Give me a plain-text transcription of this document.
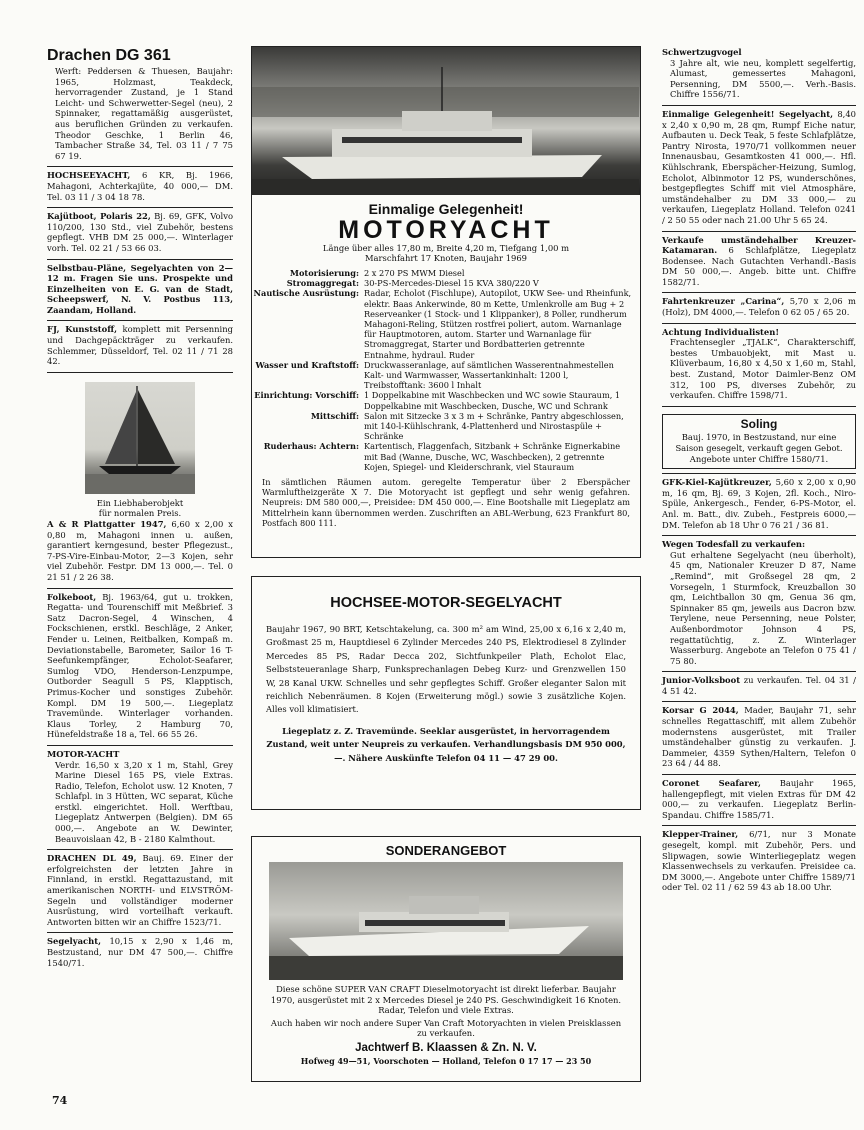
Drachen DG 361

Werft: Peddersen & Thuesen, Baujahr: 1965, Holzmast, Teakdeck, hervorragender Zustand, je 1 Stand Leicht- und Schwerwetter-Segel (neu), 2 Spinnaker, regattamäßig ausgerüstet, aus beruflichen Gründen zu verkaufen. Theodor Geschke, 1 Berlin 46, Tambacher Straße 34, Tel. 03 11 / 7 75 67 19.

HOCHSEEYACHT, 6 KR, Bj. 1966, Mahagoni, Achterkajüte, 40 000,— DM. Tel. 03 11 / 3 04 18 78.
Kajütboot, Polaris 22, Bj. 69, GFK, Volvo 110/200, 130 Std., viel Zubehör, bestens gepflegt. VHB DM 25 000,—. Winterlager vorh. Tel. 02 21 / 53 66 03.
Selbstbau-Pläne, Segelyachten von 2—12 m. Fragen Sie uns. Prospekte und Einzelheiten von E. G. van de Stadt, Scheepswerf, N. V. Postbus 113, Zaandam, Holland.
FJ, Kunststoff, komplett mit Persenning und Dachgepäckträger zu verkaufen. Schlemmer, Düsseldorf, Tel. 02 11 / 71 28 42.
Ein Liebhaberobjekt
für normalen Preis.
A & R Plattgatter 1947, 6,60 x 2,00 x 0,80 m, Mahagoni innen u. außen, garantiert kerngesund, bester Pflegezust., 7-PS-Vire-Einbau-Motor, 2—3 Kojen, sehr viel Zubehör. Festpr. DM 13 000,—. Tel. 0 21 51 / 2 26 38.
Folkeboot, Bj. 1963/64, gut u. trokken, Regatta- und Tourenschiff mit Meßbrief. 3 Satz Dacron-Segel, 4 Winschen, 4 Fockschienen, erstkl. Beschläge, 2 Anker, Fender u. Leinen, Reitbalken, Kompaß m. Deviationstabelle, Barometer, Sailor 16 T-Seefunkempfänger, Echolot-Seafarer, Sumlog VDO, Henderson-Lenzpumpe, Outborder Seagull 5 PS, Klapptisch, Primus-Kocher und sonstiges Zubehör. Kompl. DM 19 500,—. Liegeplatz Travemünde. Winterlager vorhanden. Klaus Torley, 2 Hamburg 70, Hünefeldstraße 18 a, Tel. 66 55 26.
MOTOR-YACHT

Verdr. 16,50 x 3,20 x 1 m, Stahl, Grey Marine Diesel 165 PS, viele Extras. Radio, Telefon, Echolot usw. 12 Knoten, 7 Schlafpl. in 3 Hütten, WC separat, Küche erstkl. eingerichtet. Holl. Werftbau, Liegeplatz Antwerpen (Belgien). DM 65 000,—. Angebote an W. Dewinter, Beauvoislaan 42, B - 2180 Kalmthout.

DRACHEN DL 49, Bauj. 69. Einer der erfolgreichsten der letzten Jahre in Finnland, in erstkl. Regattazustand, mit amerikanischen NORTH- und ELVSTRÖM-Segeln und vollständiger moderner Ausrüstung, wird vorteilhaft verkauft. Antworten bitten wir an Chiffre 1523/71.
Segelyacht, 10,15 x 2,90 x 1,46 m, Bestzustand, nur DM 47 500,—. Chiffre 1540/71.
Einmalige Gelegenheit!
MOTORYACHT
Länge über alles 17,80 m, Breite 4,20 m, Tiefgang 1,00 m
Marschfahrt 17 Knoten, Baujahr 1969
Motorisierung: 2 x 270 PS MWM Diesel
Stromaggregat: 30-PS-Mercedes-Diesel 15 KVA 380/220 V
Nautische Ausrüstung: Radar, Echolot (Fischlupe), Autopilot, UKW See- und Rheinfunk, elektr. Baas Ankerwinde, 80 m Kette, Umlenkrolle am Bug + 2 Reserveanker (1 Stock- und 1 Klippanker), 8 Poller, rundherum Mahagoni-Reling, Stützen rostfrei poliert, autom. Warnanlage für Hauptmotoren, autom. Starter und Warnanlage für Stromaggregat, Starter und Bordbatterien getrennte Entnahme, hydraul. Ruder
Wasser und Kraftstoff: Druckwasseranlage, auf sämtlichen Wasserentnahmestellen Kalt- und Warmwasser, Wassertankinhalt: 1200 l, Treibstofftank: 3600 l Inhalt
Einrichtung: Vorschiff: 1 Doppelkabine mit Waschbecken und WC sowie Stauraum, 1 Doppelkabine mit Waschbecken, Dusche, WC und Schrank
Mittschiff: Salon mit Sitzecke 3 x 3 m + Schränke, Pantry abgeschlossen, mit 140-l-Kühlschrank, 4-Plattenherd und Nirostaspüle + Schränke
Ruderhaus: Achtern: Kartentisch, Flaggenfach, Sitzbank + Schränke Eignerkabine mit Bad (Wanne, Dusche, WC, Waschbecken), 2 getrennte Kojen, Spiegel- und Kleiderschrank, viel Stauraum

In sämtlichen Räumen autom. geregelte Temperatur über 2 Eberspächer Warmluftheizgeräte X 7. Die Motoryacht ist gepflegt und sehr wenig gefahren. Neupreis: DM 580 000,—, Preisidee: DM 450 000,—. Eine Bootshalle mit Liegeplatz am Mittelrhein kann übernommen werden. Zuschriften an ABL-Werbung, 623 Frankfurt 80, Postfach 800 111.

HOCHSEE-MOTOR-SEGELYACHT

Baujahr 1967, 90 BRT, Ketschtakelung, ca. 300 m² am Wind, 25,00 x 6,16 x 2,40 m, Großmast 25 m, Hauptdiesel 6 Zylinder Mercedes 240 PS, Elektrodiesel 8 Zylinder Mercedes 85 PS, Radar Decca 202, Sichtfunkpeiler Plath, Echolot Elac, Selbststeueranlage Sharp, Funksprechanlagen Debeg Kurz- und Grenzwellen 150 W, 28 Kanal UKW. Schnelles und sehr gepflegtes Schiff. Großer eleganter Salon mit reichlich Nebenräumen. 8 Kojen (Erweiterung mögl.) sowie 3 zusätzliche Kojen. Alles voll klimatisiert.

Liegeplatz z. Z. Travemünde. Seeklar ausgerüstet, in hervorragendem Zustand, weit unter Neupreis zu verkaufen. Verhandlungsbasis DM 950 000,—. Nähere Auskünfte Telefon 04 11 — 47 29 00.

SONDERANGEBOT

Diese schöne SUPER VAN CRAFT Dieselmotoryacht ist direkt lieferbar. Baujahr 1970, ausgerüstet mit 2 x Mercedes Diesel je 240 PS. Geschwindigkeit 16 Knoten. Radar, Telefon und viele Extras.

Auch haben wir noch andere Super Van Craft Motoryachten in vielen Preisklassen zu verkaufen.

Jachtwerf B. Klaassen & Zn. N. V.
Hofweg 49—51, Voorschoten — Holland, Telefon 0 17 17 — 23 50
Schwertzugvogel

3 Jahre alt, wie neu, komplett segelfertig, Alumast, gemessertes Mahagoni, Persenning, DM 5500,—. Verh.-Basis. Chiffre 1556/71.

Einmalige Gelegenheit! Segelyacht, 8,40 x 2,40 x 0,90 m, 28 qm, Rumpf Eiche natur, Aufbauten u. Deck Teak, 5 feste Schlafplätze, Pantry Nirosta, 1970/71 vollkommen neuer Innenausbau, Gesamtkosten 41 000,—. Hfl. Kühlschrank, Eberspächer-Heizung, Sumlog, Echolot, Albinmotor 12 PS, wunderschönes, bestgepflegtes Schiff mit viel Atmosphäre, umständehalber zu DM 33 000,— zu verkaufen, Liegeplatz Holland. Telefon 0241 / 2 50 55 oder nach 21.00 Uhr 5 65 24.
Verkaufe umständehalber Kreuzer-Katamaran. 6 Schlafplätze, Liegeplatz Bodensee. Nach Gutachten Verhandl.-Basis DM 50 000,—. Angeb. bitte unt. Chiffre 1582/71.
Fahrtenkreuzer „Carina“, 5,70 x 2,06 m (Holz), DM 4000,—. Telefon 0 62 05 / 65 20.
Achtung Individualisten!

Frachtensegler „TJALK“, Charakterschiff, bestes Umbauobjekt, mit Mast u. Klüverbaum, 16,80 x 4,50 x 1,60 m, Stahl, best. Zustand, Motor Daimler-Benz OM 312, 100 PS, diverses Zubehör, zu verkaufen. Chiffre 1598/71.

Soling

Bauj. 1970, in Bestzustand, nur eine Saison gesegelt, verkauft gegen Gebot. Angebote unter Chiffre 1580/71.

GFK-Kiel-Kajütkreuzer, 5,60 x 2,00 x 0,90 m, 16 qm, Bj. 69, 3 Kojen, 2fl. Koch., Niro-Spüle, Ankergesch., Fender, 6-PS-Motor, el. Anl. m. Batt., div. Zubeh., Festpreis 6000,— DM. Telefon ab 18 Uhr 0 76 21 / 36 81.
Wegen Todesfall zu verkaufen:

Gut erhaltene Segelyacht (neu überholt), 45 qm, Nationaler Kreuzer D 87, Name „Remind“, mit Großsegel 28 qm, 2 Vorsegeln, 1 Sturmfock, Kreuzballon 30 qm, Leichtballon 30 qm, Genua 36 qm, Spinnaker 85 qm, jeweils aus Dacron bzw. Terylene, neue Persenning, neue Polster, Außenbordmotor Johnson 4 PS, regattatüchtig, z. Z. Winterlager Wasserburg. Angebote an Telefon 0 75 41 / 75 80.

Junior-Volksboot zu verkaufen. Tel. 04 31 / 4 51 42.
Korsar G 2044, Mader, Baujahr 71, sehr schnelles Regattaschiff, mit allem Zubehör modernstens ausgerüstet, mit Trailer umständehalber günstig zu verkaufen. J. Dammeier, 4359 Sythen/Haltern, Telefon 0 23 64 / 44 88.
Coronet Seafarer, Baujahr 1965, hallengepflegt, mit vielen Extras für DM 42 000,— zu verkaufen. Liegeplatz Berlin-Spandau. Chiffre 1585/71.
Klepper-Trainer, 6/71, nur 3 Monate gesegelt, kompl. mit Zubehör, Pers. und Slipwagen, sowie Winterliegeplatz wegen Klassenwechsels zu verkaufen. Preisidee ca. DM 3000,—. Angebote unter Chiffre 1589/71 oder Tel. 02 11 / 62 59 43 ab 18.00 Uhr.
74
